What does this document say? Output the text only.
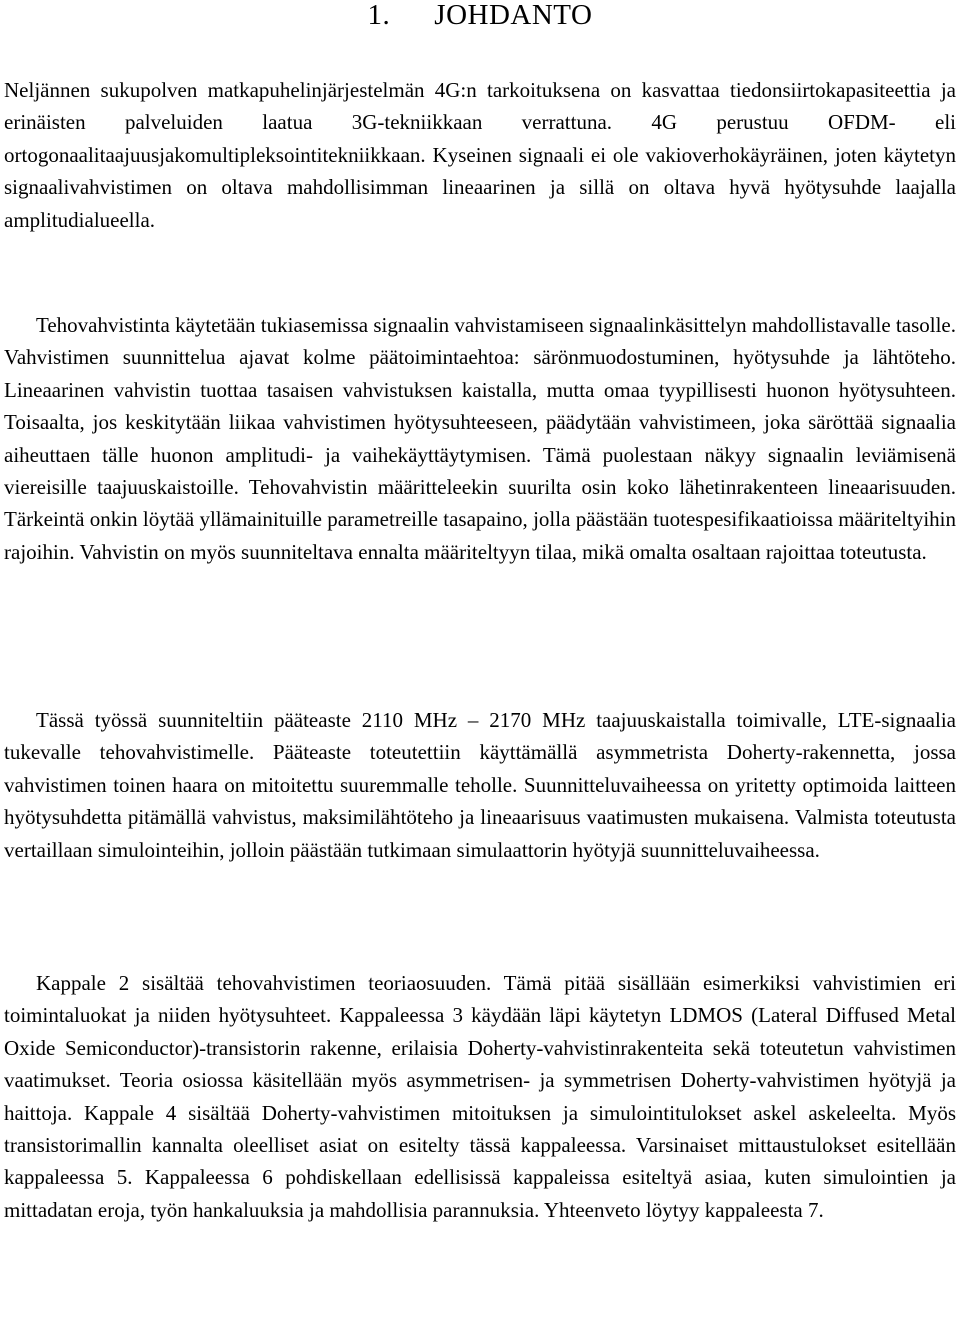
1. JOHDANTO

Neljännen sukupolven matkapuhelinjärjestelmän 4G:n tarkoituksena on kasvattaa tiedonsiirtokapasiteettia ja erinäisten palveluiden laatua 3G-tekniikkaan verrattuna. 4G perustuu OFDM- eli ortogonaalitaajuusjakomultipleksointitekniikkaan. Kyseinen signaali ei ole vakioverhokäyräinen, joten käytetyn signaalivahvistimen on oltava mahdollisimman lineaarinen ja sillä on oltava hyvä hyötysuhde laajalla amplitudialueella.

Tehovahvistinta käytetään tukiasemissa signaalin vahvistamiseen signaalinkäsittelyn mahdollistavalle tasolle. Vahvistimen suunnittelua ajavat kolme päätoimintaehtoa: särönmuodostuminen, hyötysuhde ja lähtöteho. Lineaarinen vahvistin tuottaa tasaisen vahvistuksen kaistalla, mutta omaa tyypillisesti huonon hyötysuhteen. Toisaalta, jos keskitytään liikaa vahvistimen hyötysuhteeseen, päädytään vahvistimeen, joka säröttää signaalia aiheuttaen tälle huonon amplitudi- ja vaihekäyttäytymisen. Tämä puolestaan näkyy signaalin leviämisenä viereisille taajuuskaistoille. Tehovahvistin määritteleekin suurilta osin koko lähetinrakenteen lineaarisuuden. Tärkeintä onkin löytää yllämainituille parametreille tasapaino, jolla päästään tuotespesifikaatioissa määriteltyihin rajoihin. Vahvistin on myös suunniteltava ennalta määriteltyyn tilaa, mikä omalta osaltaan rajoittaa toteutusta.

Tässä työssä suunniteltiin pääteaste 2110 MHz – 2170 MHz taajuuskaistalla toimivalle, LTE-signaalia tukevalle tehovahvistimelle. Pääteaste toteutettiin käyttämällä asymmetrista Doherty-rakennetta, jossa vahvistimen toinen haara on mitoitettu suuremmalle teholle. Suunnitteluvaiheessa on yritetty optimoida laitteen hyötysuhdetta pitämällä vahvistus, maksimilähtöteho ja lineaarisuus vaatimusten mukaisena. Valmista toteutusta vertaillaan simulointeihin, jolloin päästään tutkimaan simulaattorin hyötyjä suunnitteluvaiheessa.

Kappale 2 sisältää tehovahvistimen teoriaosuuden. Tämä pitää sisällään esimerkiksi vahvistimien eri toimintaluokat ja niiden hyötysuhteet. Kappaleessa 3 käydään läpi käytetyn LDMOS (Lateral Diffused Metal Oxide Semiconductor)-transistorin rakenne, erilaisia Doherty-vahvistinrakenteita sekä toteutetun vahvistimen vaatimukset. Teoria osiossa käsitellään myös asymmetrisen- ja symmetrisen Doherty-vahvistimen hyötyjä ja haittoja. Kappale 4 sisältää Doherty-vahvistimen mitoituksen ja simulointitulokset askel askeleelta. Myös transistorimallin kannalta oleelliset asiat on esitelty tässä kappaleessa. Varsinaiset mittaustulokset esitellään kappaleessa 5. Kappaleessa 6 pohdiskellaan edellisissä kappaleissa esiteltyä asiaa, kuten simulointien ja mittadatan eroja, työn hankaluuksia ja mahdollisia parannuksia. Yhteenveto löytyy kappaleesta 7.
